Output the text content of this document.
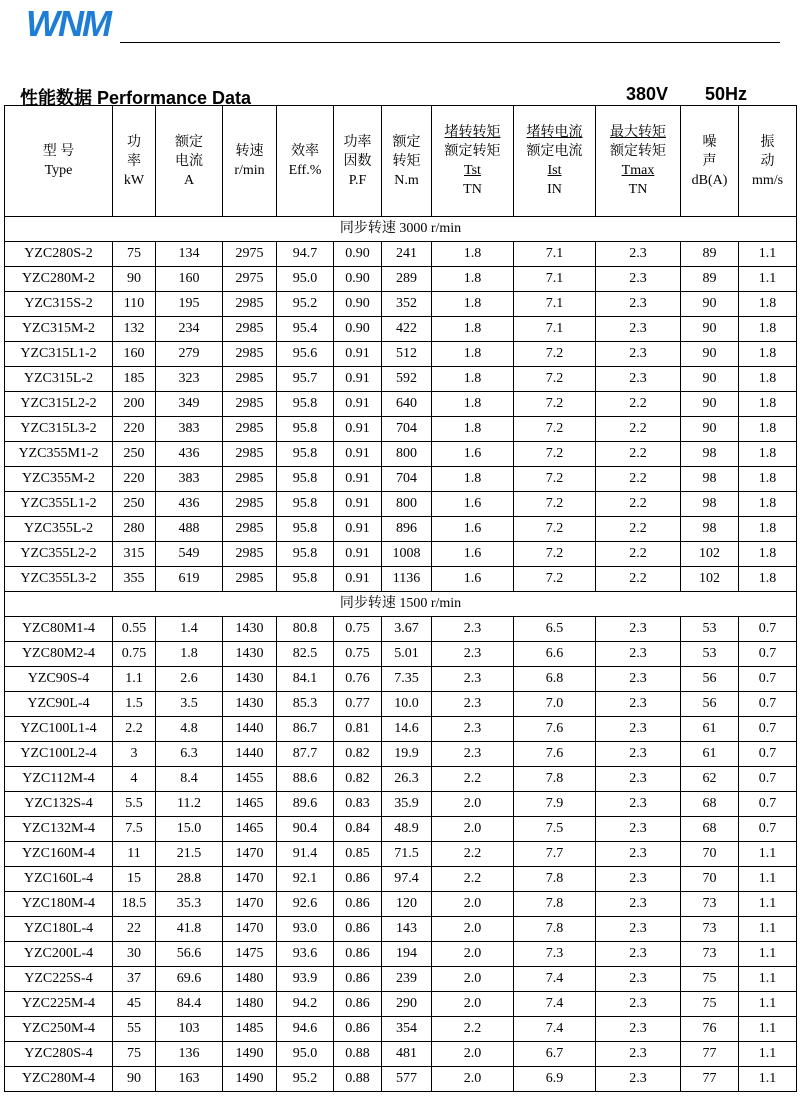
WNM
性能数据 Performance Data	380V 50Hz
型 号
Type	功
率
kW	额定
电流
A	转速
r/min	效率
Eff.%	功率
因数
P.F	额定
转矩
N.m	堵转转矩
额定转矩
Tst
TN	堵转电流
额定电流
Ist
IN	最大转矩
额定转矩
Tmax
TN	噪
声
dB(A)	振
动
mm/s

同步转速 3000 r/min											
YZC280S-2	75	134	2975	94.7	0.90	241	1.8	7.1	2.3	89	1.1
YZC280M-2	90	160	2975	95.0	0.90	289	1.8	7.1	2.3	89	1.1
YZC315S-2	110	195	2985	95.2	0.90	352	1.8	7.1	2.3	90	1.8
YZC315M-2	132	234	2985	95.4	0.90	422	1.8	7.1	2.3	90	1.8
YZC315L1-2	160	279	2985	95.6	0.91	512	1.8	7.2	2.3	90	1.8
YZC315L-2	185	323	2985	95.7	0.91	592	1.8	7.2	2.3	90	1.8
YZC315L2-2	200	349	2985	95.8	0.91	640	1.8	7.2	2.2	90	1.8
YZC315L3-2	220	383	2985	95.8	0.91	704	1.8	7.2	2.2	90	1.8
YZC355M1-2	250	436	2985	95.8	0.91	800	1.6	7.2	2.2	98	1.8
YZC355M-2	220	383	2985	95.8	0.91	704	1.8	7.2	2.2	98	1.8
YZC355L1-2	250	436	2985	95.8	0.91	800	1.6	7.2	2.2	98	1.8
YZC355L-2	280	488	2985	95.8	0.91	896	1.6	7.2	2.2	98	1.8
YZC355L2-2	315	549	2985	95.8	0.91	1008	1.6	7.2	2.2	102	1.8
YZC355L3-2	355	619	2985	95.8	0.91	1136	1.6	7.2	2.2	102	1.8
同步转速 1500 r/min											
YZC80M1-4	0.55	1.4	1430	80.8	0.75	3.67	2.3	6.5	2.3	53	0.7
YZC80M2-4	0.75	1.8	1430	82.5	0.75	5.01	2.3	6.6	2.3	53	0.7
YZC90S-4	1.1	2.6	1430	84.1	0.76	7.35	2.3	6.8	2.3	56	0.7
YZC90L-4	1.5	3.5	1430	85.3	0.77	10.0	2.3	7.0	2.3	56	0.7
YZC100L1-4	2.2	4.8	1440	86.7	0.81	14.6	2.3	7.6	2.3	61	0.7
YZC100L2-4	3	6.3	1440	87.7	0.82	19.9	2.3	7.6	2.3	61	0.7
YZC112M-4	4	8.4	1455	88.6	0.82	26.3	2.2	7.8	2.3	62	0.7
YZC132S-4	5.5	11.2	1465	89.6	0.83	35.9	2.0	7.9	2.3	68	0.7
YZC132M-4	7.5	15.0	1465	90.4	0.84	48.9	2.0	7.5	2.3	68	0.7
YZC160M-4	11	21.5	1470	91.4	0.85	71.5	2.2	7.7	2.3	70	1.1
YZC160L-4	15	28.8	1470	92.1	0.86	97.4	2.2	7.8	2.3	70	1.1
YZC180M-4	18.5	35.3	1470	92.6	0.86	120	2.0	7.8	2.3	73	1.1
YZC180L-4	22	41.8	1470	93.0	0.86	143	2.0	7.8	2.3	73	1.1
YZC200L-4	30	56.6	1475	93.6	0.86	194	2.0	7.3	2.3	73	1.1
YZC225S-4	37	69.6	1480	93.9	0.86	239	2.0	7.4	2.3	75	1.1
YZC225M-4	45	84.4	1480	94.2	0.86	290	2.0	7.4	2.3	75	1.1
YZC250M-4	55	103	1485	94.6	0.86	354	2.2	7.4	2.3	76	1.1
YZC280S-4	75	136	1490	95.0	0.88	481	2.0	6.7	2.3	77	1.1
YZC280M-4	90	163	1490	95.2	0.88	577	2.0	6.9	2.3	77	1.1
